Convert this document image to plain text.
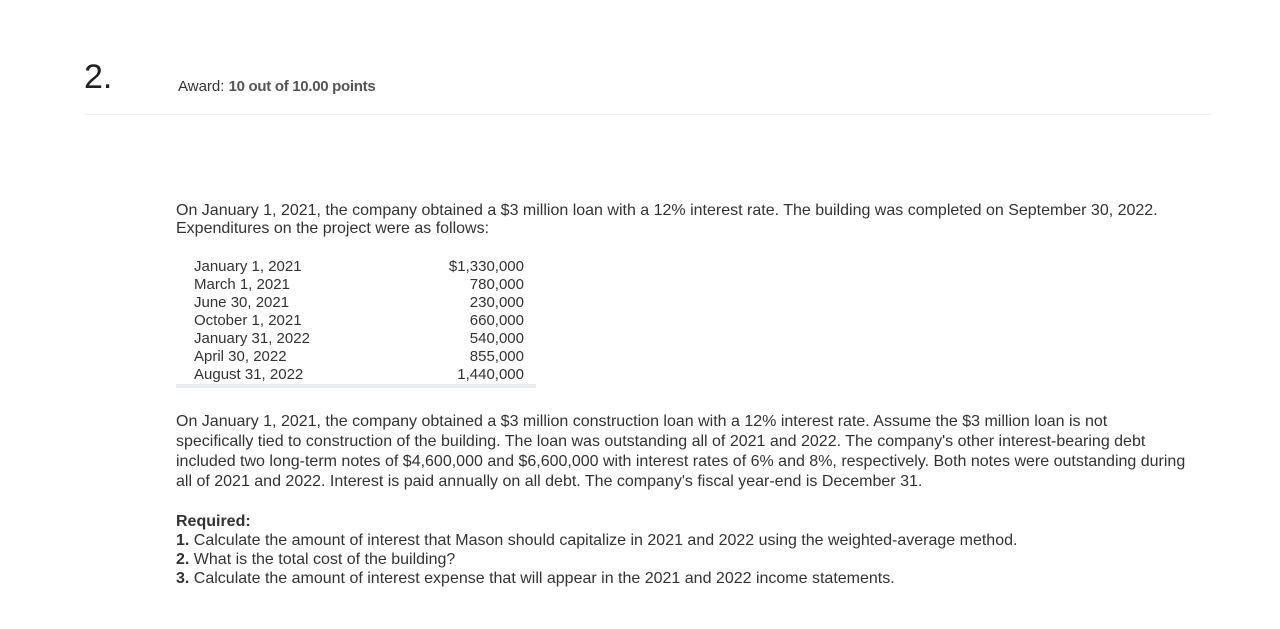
2.	Award: 10 out of 10.00 points

On January 1, 2021, the company obtained a $3 million loan with a 12% interest rate. The building was completed on September 30, 2022. Expenditures on the project were as follows:

January 1, 2021	$1,330,000
March 1, 2021	780,000
June 30, 2021	230,000
October 1, 2021	660,000
January 31, 2022	540,000
April 30, 2022	855,000
August 31, 2022	1,440,000

On January 1, 2021, the company obtained a $3 million construction loan with a 12% interest rate. Assume the $3 million loan is not specifically tied to construction of the building. The loan was outstanding all of 2021 and 2022. The company's other interest-bearing debt included two long-term notes of $4,600,000 and $6,600,000 with interest rates of 6% and 8%, respectively. Both notes were outstanding during all of 2021 and 2022. Interest is paid annually on all debt. The company's fiscal year-end is December 31.

Required:
1. Calculate the amount of interest that Mason should capitalize in 2021 and 2022 using the weighted-average method.
2. What is the total cost of the building?
3. Calculate the amount of interest expense that will appear in the 2021 and 2022 income statements.
